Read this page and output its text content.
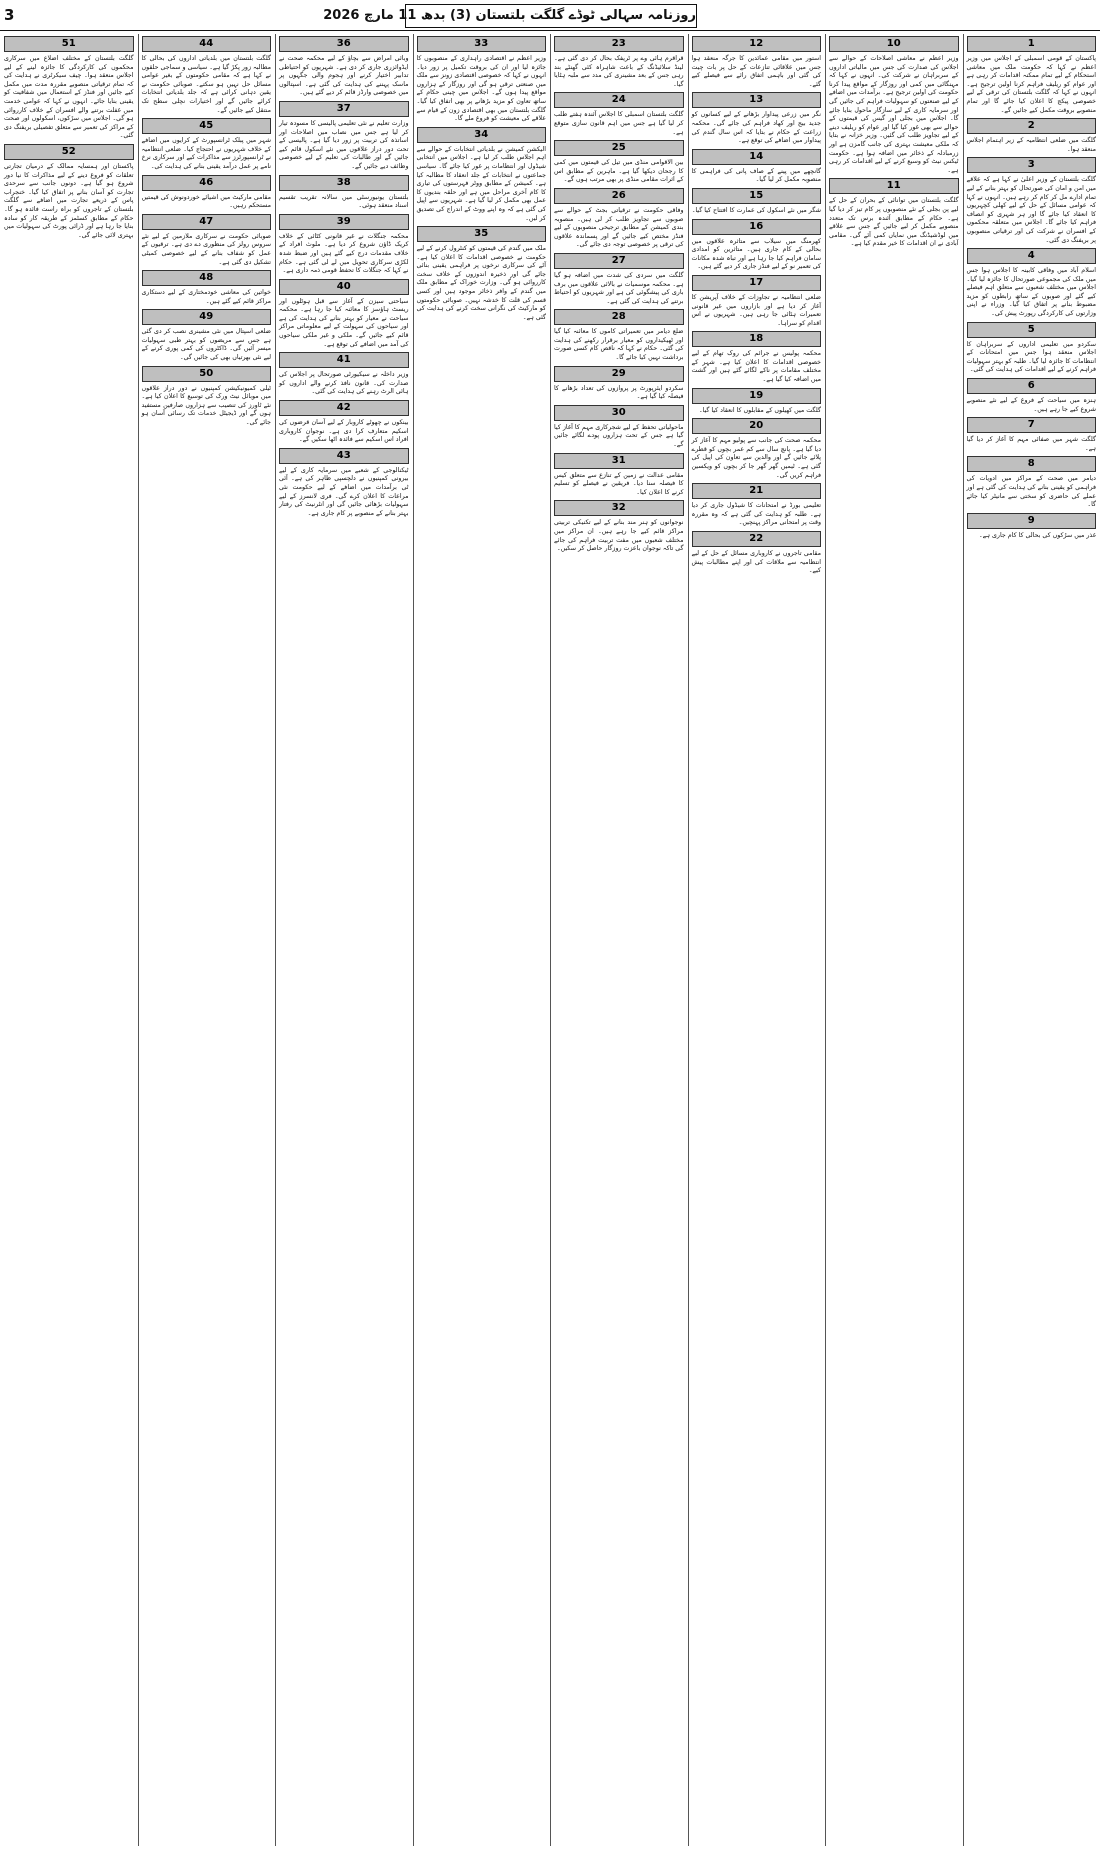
3	روزنامہ سہالی ٹوڈے گلگت بلتستان (3) بدھ 11 مارچ 2026
1
پاکستان کے قومی اسمبلی کے اجلاس میں وزیر اعظم نے کہا کہ حکومت ملک میں معاشی استحکام کے لیے تمام ممکنہ اقدامات کر رہی ہے اور عوام کو ریلیف فراہم کرنا اولین ترجیح ہے۔ انہوں نے کہا کہ گلگت بلتستان کی ترقی کے لیے خصوصی پیکج کا اعلان کیا جائے گا اور تمام منصوبے بروقت مکمل کیے جائیں گے۔
2
گلگت میں ضلعی انتظامیہ کے زیر اہتمام اجلاس منعقد ہوا۔
3
گلگت بلتستان کے وزیر اعلیٰ نے کہا ہے کہ علاقے میں امن و امان کی صورتحال کو بہتر بنانے کے لیے تمام ادارے مل کر کام کر رہے ہیں۔ انہوں نے کہا کہ عوامی مسائل کے حل کے لیے کھلی کچہریوں کا انعقاد کیا جائے گا اور ہر شہری کو انصاف فراہم کیا جائے گا۔ اجلاس میں متعلقہ محکموں کے افسران نے شرکت کی اور ترقیاتی منصوبوں پر بریفنگ دی گئی۔
4
اسلام آباد میں وفاقی کابینہ کا اجلاس ہوا جس میں ملک کی مجموعی صورتحال کا جائزہ لیا گیا۔ اجلاس میں مختلف شعبوں سے متعلق اہم فیصلے کیے گئے اور صوبوں کے ساتھ رابطوں کو مزید مضبوط بنانے پر اتفاق کیا گیا۔ وزراء نے اپنی وزارتوں کی کارکردگی رپورٹ پیش کی۔
5
سکردو میں تعلیمی اداروں کے سربراہان کا اجلاس منعقد ہوا جس میں امتحانات کے انتظامات کا جائزہ لیا گیا۔ طلبہ کو بہتر سہولیات فراہم کرنے کے لیے اقدامات کی ہدایت کی گئی۔
6
ہنزہ میں سیاحت کے فروغ کے لیے نئے منصوبے شروع کیے جا رہے ہیں۔
7
گلگت شہر میں صفائی مہم کا آغاز کر دیا گیا ہے۔
8
دیامر میں صحت کے مراکز میں ادویات کی فراہمی کو یقینی بنانے کی ہدایت کی گئی ہے اور عملے کی حاضری کو سختی سے مانیٹر کیا جائے گا۔
9
غذر میں سڑکوں کی بحالی کا کام جاری ہے۔
10
وزیر اعظم نے معاشی اصلاحات کے حوالے سے اجلاس کی صدارت کی جس میں مالیاتی اداروں کے سربراہان نے شرکت کی۔ انہوں نے کہا کہ مہنگائی میں کمی اور روزگار کے مواقع پیدا کرنا حکومت کی اولین ترجیح ہے۔ برآمدات میں اضافے کے لیے صنعتوں کو سہولیات فراہم کی جائیں گی اور سرمایہ کاری کے لیے سازگار ماحول بنایا جائے گا۔ اجلاس میں بجلی اور گیس کی قیمتوں کے حوالے سے بھی غور کیا گیا اور عوام کو ریلیف دینے کے لیے تجاویز طلب کی گئیں۔ وزیر خزانہ نے بتایا کہ ملکی معیشت بہتری کی جانب گامزن ہے اور زرمبادلہ کے ذخائر میں اضافہ ہوا ہے۔ حکومت ٹیکس نیٹ کو وسیع کرنے کے لیے اقدامات کر رہی ہے۔
11
گلگت بلتستان میں توانائی کے بحران کے حل کے لیے پن بجلی کے نئے منصوبوں پر کام تیز کر دیا گیا ہے۔ حکام کے مطابق آئندہ برس تک متعدد منصوبے مکمل کر لیے جائیں گے جس سے علاقے میں لوڈشیڈنگ میں نمایاں کمی آئے گی۔ مقامی آبادی نے ان اقدامات کا خیر مقدم کیا ہے۔
12
استور میں مقامی عمائدین کا جرگہ منعقد ہوا جس میں علاقائی تنازعات کے حل پر بات چیت کی گئی اور باہمی اتفاق رائے سے فیصلے کیے گئے۔
13
نگر میں زرعی پیداوار بڑھانے کے لیے کسانوں کو جدید بیج اور کھاد فراہم کی جائے گی۔ محکمہ زراعت کے حکام نے بتایا کہ اس سال گندم کی پیداوار میں اضافے کی توقع ہے۔
14
گانچھے میں پینے کے صاف پانی کی فراہمی کا منصوبہ مکمل کر لیا گیا۔
15
شگر میں نئے اسکول کی عمارت کا افتتاح کیا گیا۔
16
کھرمنگ میں سیلاب سے متاثرہ علاقوں میں بحالی کے کام جاری ہیں۔ متاثرین کو امدادی سامان فراہم کیا جا رہا ہے اور تباہ شدہ مکانات کی تعمیر نو کے لیے فنڈز جاری کر دیے گئے ہیں۔
17
ضلعی انتظامیہ نے تجاوزات کے خلاف آپریشن کا آغاز کر دیا ہے اور بازاروں میں غیر قانونی تعمیرات ہٹائی جا رہی ہیں۔ شہریوں نے اس اقدام کو سراہا۔
18
محکمہ پولیس نے جرائم کی روک تھام کے لیے خصوصی اقدامات کا اعلان کیا ہے۔ شہر کے مختلف مقامات پر ناکے لگائے گئے ہیں اور گشت میں اضافہ کیا گیا ہے۔
19
گلگت میں کھیلوں کے مقابلوں کا انعقاد کیا گیا۔
20
محکمہ صحت کی جانب سے پولیو مہم کا آغاز کر دیا گیا ہے۔ پانچ سال سے کم عمر بچوں کو قطرے پلائے جائیں گے اور والدین سے تعاون کی اپیل کی گئی ہے۔ ٹیمیں گھر گھر جا کر بچوں کو ویکسین فراہم کریں گی۔
21
تعلیمی بورڈ نے امتحانات کا شیڈول جاری کر دیا ہے۔ طلبہ کو ہدایت کی گئی ہے کہ وہ مقررہ وقت پر امتحانی مراکز پہنچیں۔
22
مقامی تاجروں نے کاروباری مسائل کے حل کے لیے انتظامیہ سے ملاقات کی اور اپنے مطالبات پیش کیے۔
23
قراقرم ہائی وے پر ٹریفک بحال کر دی گئی ہے۔ لینڈ سلائیڈنگ کے باعث شاہراہ کئی گھنٹے بند رہی جس کے بعد مشینری کی مدد سے ملبہ ہٹایا گیا۔
24
گلگت بلتستان اسمبلی کا اجلاس آئندہ ہفتے طلب کر لیا گیا ہے جس میں اہم قانون سازی متوقع ہے۔
25
بین الاقوامی منڈی میں تیل کی قیمتوں میں کمی کا رجحان دیکھا گیا ہے۔ ماہرین کے مطابق اس کے اثرات مقامی منڈی پر بھی مرتب ہوں گے۔
26
وفاقی حکومت نے ترقیاتی بجٹ کے حوالے سے صوبوں سے تجاویز طلب کر لی ہیں۔ منصوبہ بندی کمیشن کے مطابق ترجیحی منصوبوں کے لیے فنڈز مختص کیے جائیں گے اور پسماندہ علاقوں کی ترقی پر خصوصی توجہ دی جائے گی۔
27
گلگت میں سردی کی شدت میں اضافہ ہو گیا ہے۔ محکمہ موسمیات نے بالائی علاقوں میں برف باری کی پیشگوئی کی ہے اور شہریوں کو احتیاط برتنے کی ہدایت کی گئی ہے۔
28
ضلع دیامر میں تعمیراتی کاموں کا معائنہ کیا گیا اور ٹھیکیداروں کو معیار برقرار رکھنے کی ہدایت کی گئی۔ حکام نے کہا کہ ناقص کام کسی صورت برداشت نہیں کیا جائے گا۔
29
سکردو ایئرپورٹ پر پروازوں کی تعداد بڑھانے کا فیصلہ کیا گیا ہے۔
30
ماحولیاتی تحفظ کے لیے شجرکاری مہم کا آغاز کیا گیا ہے جس کے تحت ہزاروں پودے لگائے جائیں گے۔
31
مقامی عدالت نے زمین کے تنازع سے متعلق کیس کا فیصلہ سنا دیا۔ فریقین نے فیصلے کو تسلیم کرنے کا اعلان کیا۔
32
نوجوانوں کو ہنر مند بنانے کے لیے تکنیکی تربیتی مراکز قائم کیے جا رہے ہیں۔ ان مراکز میں مختلف شعبوں میں مفت تربیت فراہم کی جائے گی تاکہ نوجوان باعزت روزگار حاصل کر سکیں۔
33
وزیر اعظم نے اقتصادی راہداری کے منصوبوں کا جائزہ لیا اور ان کی بروقت تکمیل پر زور دیا۔ انہوں نے کہا کہ خصوصی اقتصادی زونز سے ملک میں صنعتی ترقی ہو گی اور روزگار کے ہزاروں مواقع پیدا ہوں گے۔ اجلاس میں چینی حکام کے ساتھ تعاون کو مزید بڑھانے پر بھی اتفاق کیا گیا۔ گلگت بلتستان میں بھی اقتصادی زون کے قیام سے علاقے کی معیشت کو فروغ ملے گا۔
34
الیکشن کمیشن نے بلدیاتی انتخابات کے حوالے سے اہم اجلاس طلب کر لیا ہے۔ اجلاس میں انتخابی شیڈول اور انتظامات پر غور کیا جائے گا۔ سیاسی جماعتوں نے انتخابات کے جلد انعقاد کا مطالبہ کیا ہے۔ کمیشن کے مطابق ووٹر فہرستوں کی تیاری کا کام آخری مراحل میں ہے اور حلقہ بندیوں کا عمل بھی مکمل کر لیا گیا ہے۔ شہریوں سے اپیل کی گئی ہے کہ وہ اپنے ووٹ کے اندراج کی تصدیق کر لیں۔
35
ملک میں گندم کی قیمتوں کو کنٹرول کرنے کے لیے حکومت نے خصوصی اقدامات کا اعلان کیا ہے۔ آٹے کی سرکاری نرخوں پر فراہمی یقینی بنائی جائے گی اور ذخیرہ اندوزوں کے خلاف سخت کارروائی ہو گی۔ وزارت خوراک کے مطابق ملک میں گندم کے وافر ذخائر موجود ہیں اور کسی قسم کی قلت کا خدشہ نہیں۔ صوبائی حکومتوں کو مارکیٹ کی نگرانی سخت کرنے کی ہدایت کی گئی ہے۔
36
وبائی امراض سے بچاؤ کے لیے محکمہ صحت نے ایڈوائزری جاری کر دی ہے۔ شہریوں کو احتیاطی تدابیر اختیار کرنے اور ہجوم والی جگہوں پر ماسک پہننے کی ہدایت کی گئی ہے۔ اسپتالوں میں خصوصی وارڈز قائم کر دیے گئے ہیں۔
37
وزارت تعلیم نے نئی تعلیمی پالیسی کا مسودہ تیار کر لیا ہے جس میں نصاب میں اصلاحات اور اساتذہ کی تربیت پر زور دیا گیا ہے۔ پالیسی کے تحت دور دراز علاقوں میں نئے اسکول قائم کیے جائیں گے اور طالبات کی تعلیم کے لیے خصوصی وظائف دیے جائیں گے۔
38
بلتستان یونیورسٹی میں سالانہ تقریب تقسیم اسناد منعقد ہوئی۔
39
محکمہ جنگلات نے غیر قانونی کٹائی کے خلاف کریک ڈاؤن شروع کر دیا ہے۔ ملوث افراد کے خلاف مقدمات درج کیے گئے ہیں اور ضبط شدہ لکڑی سرکاری تحویل میں لے لی گئی ہے۔ حکام نے کہا کہ جنگلات کا تحفظ قومی ذمہ داری ہے۔
40
سیاحتی سیزن کے آغاز سے قبل ہوٹلوں اور ریسٹ ہاؤسز کا معائنہ کیا جا رہا ہے۔ محکمہ سیاحت نے معیار کو بہتر بنانے کی ہدایت کی ہے اور سیاحوں کی سہولت کے لیے معلوماتی مراکز قائم کیے جائیں گے۔ ملکی و غیر ملکی سیاحوں کی آمد میں اضافے کی توقع ہے۔
41
وزیر داخلہ نے سیکیورٹی صورتحال پر اجلاس کی صدارت کی۔ قانون نافذ کرنے والے اداروں کو ہائی الرٹ رہنے کی ہدایت کی گئی۔
42
بینکوں نے چھوٹے کاروبار کے لیے آسان قرضوں کی اسکیم متعارف کرا دی ہے۔ نوجوان کاروباری افراد اس اسکیم سے فائدہ اٹھا سکیں گے۔
43
ٹیکنالوجی کے شعبے میں سرمایہ کاری کے لیے بیرونی کمپنیوں نے دلچسپی ظاہر کی ہے۔ آئی ٹی برآمدات میں اضافے کے لیے حکومت نئی مراعات کا اعلان کرے گی۔ فری لانسرز کے لیے سہولیات بڑھائی جائیں گی اور انٹرنیٹ کی رفتار بہتر بنانے کے منصوبے پر کام جاری ہے۔
44
گلگت بلتستان میں بلدیاتی اداروں کی بحالی کا مطالبہ زور پکڑ گیا ہے۔ سیاسی و سماجی حلقوں نے کہا ہے کہ مقامی حکومتوں کے بغیر عوامی مسائل حل نہیں ہو سکتے۔ صوبائی حکومت نے یقین دہانی کرائی ہے کہ جلد بلدیاتی انتخابات کرائے جائیں گے اور اختیارات نچلی سطح تک منتقل کیے جائیں گے۔
45
شہر میں پبلک ٹرانسپورٹ کے کرایوں میں اضافے کے خلاف شہریوں نے احتجاج کیا۔ ضلعی انتظامیہ نے ٹرانسپورٹرز سے مذاکرات کیے اور سرکاری نرخ نامے پر عمل درآمد یقینی بنانے کی ہدایت کی۔
46
مقامی مارکیٹ میں اشیائے خوردونوش کی قیمتیں مستحکم رہیں۔
47
صوبائی حکومت نے سرکاری ملازمین کے لیے نئے سروس رولز کی منظوری دے دی ہے۔ ترقیوں کے عمل کو شفاف بنانے کے لیے خصوصی کمیٹی تشکیل دی گئی ہے۔
48
خواتین کی معاشی خودمختاری کے لیے دستکاری مراکز قائم کیے گئے ہیں۔
49
ضلعی اسپتال میں نئی مشینری نصب کر دی گئی ہے جس سے مریضوں کو بہتر طبی سہولیات میسر آئیں گی۔ ڈاکٹروں کی کمی پوری کرنے کے لیے نئی بھرتیاں بھی کی جائیں گی۔
50
ٹیلی کمیونیکیشن کمپنیوں نے دور دراز علاقوں میں موبائل نیٹ ورک کی توسیع کا اعلان کیا ہے۔ نئے ٹاورز کی تنصیب سے ہزاروں صارفین مستفید ہوں گے اور ڈیجیٹل خدمات تک رسائی آسان ہو جائے گی۔
51
گلگت بلتستان کے مختلف اضلاع میں سرکاری محکموں کی کارکردگی کا جائزہ لینے کے لیے اجلاس منعقد ہوا۔ چیف سیکرٹری نے ہدایت کی کہ تمام ترقیاتی منصوبے مقررہ مدت میں مکمل کیے جائیں اور فنڈز کے استعمال میں شفافیت کو یقینی بنایا جائے۔ انہوں نے کہا کہ عوامی خدمت میں غفلت برتنے والے افسران کے خلاف کارروائی ہو گی۔ اجلاس میں سڑکوں، اسکولوں اور صحت کے مراکز کی تعمیر سے متعلق تفصیلی بریفنگ دی گئی۔
52
پاکستان اور ہمسایہ ممالک کے درمیان تجارتی تعلقات کو فروغ دینے کے لیے مذاکرات کا نیا دور شروع ہو گیا ہے۔ دونوں جانب سے سرحدی تجارت کو آسان بنانے پر اتفاق کیا گیا۔ خنجراب پاس کے ذریعے تجارت میں اضافے سے گلگت بلتستان کے تاجروں کو براہ راست فائدہ ہو گا۔ حکام کے مطابق کسٹمز کے طریقہ کار کو سادہ بنایا جا رہا ہے اور ڈرائی پورٹ کی سہولیات میں بہتری لائی جائے گی۔
